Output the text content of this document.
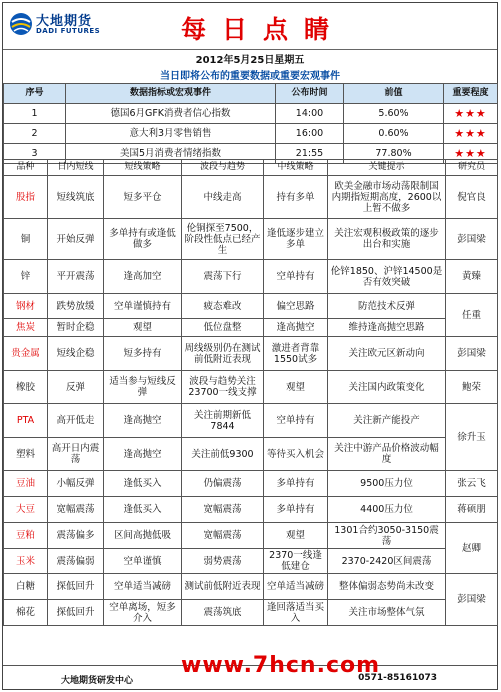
大地期货
DADI FUTURES	每日点睛
2012年5月25日星期五
当日即将公布的重要数据或重要宏观事件
序号	数据指标或宏观事件	公布时间	前值	重要程度
1	德国6月GFK消费者信心指数	14:00	5.60%	★★★
2	意大利3月零售销售	16:00	0.60%	★★★
3	美国5月消费者情绪指数	21:55	77.80%	★★★
品种	日内短线	短线策略	波段与趋势	中线策略	关键提示	研究员
股指	短线筑底	短多平仓	中线走高	持有多单	欧美金融市场动荡限制国内期指短期高度，2600以上暂不做多	倪官良
铜	开始反弹	多单持有或逢低做多	伦铜探至7500，阶段性低点已经产生	逢低逐步建立多单	关注宏观积极政策的逐步出台和实施	彭国梁
锌	平开震荡	逢高加空	震荡下行	空单持有	伦锌1850、沪锌14500是否有效突破	黄臻
钢材	跌势放缓	空单谨慎持有	疲态难改	偏空思路	防范技术反弹	任重
焦炭	暂时企稳	观望	低位盘整	逢高抛空	维持逢高抛空思路	
贵金属	短线企稳	短多持有	周线级别仍在测试前低附近表现	激进者背靠1550试多	关注欧元区新动向	彭国梁
橡胶	反弹	适当参与短线反弹	波段与趋势关注23700一线支撑	观望	关注国内政策变化	鲍荣
PTA	高开低走	逢高抛空	关注前期新低7844	空单持有	关注新产能投产	徐升玉
塑料	高开日内震荡	逢高抛空	关注前低9300	等待买入机会	关注中游产品价格波动幅度	
豆油	小幅反弹	逢低买入	仍偏震荡	多单持有	9500压力位	张云飞
大豆	宽幅震荡	逢低买入	宽幅震荡	多单持有	4400压力位	蒋硕朋
豆粕	震荡偏多	区间高抛低吸	宽幅震荡	观望	1301合约3050-3150震荡	赵卿
玉米	震荡偏弱	空单谨慎	弱势震荡	2370一线逢低建仓	2370-2420区间震荡	
白糖	探低回升	空单适当减磅	测试前低附近表现	空单适当减磅	整体偏弱态势尚未改变	彭国梁
棉花	探低回升	空单离场，短多介入	震荡筑底	逢回落适当买入	关注市场整体气氛	
大地期货研发中心	0571-85161073
www.7hcn.com
